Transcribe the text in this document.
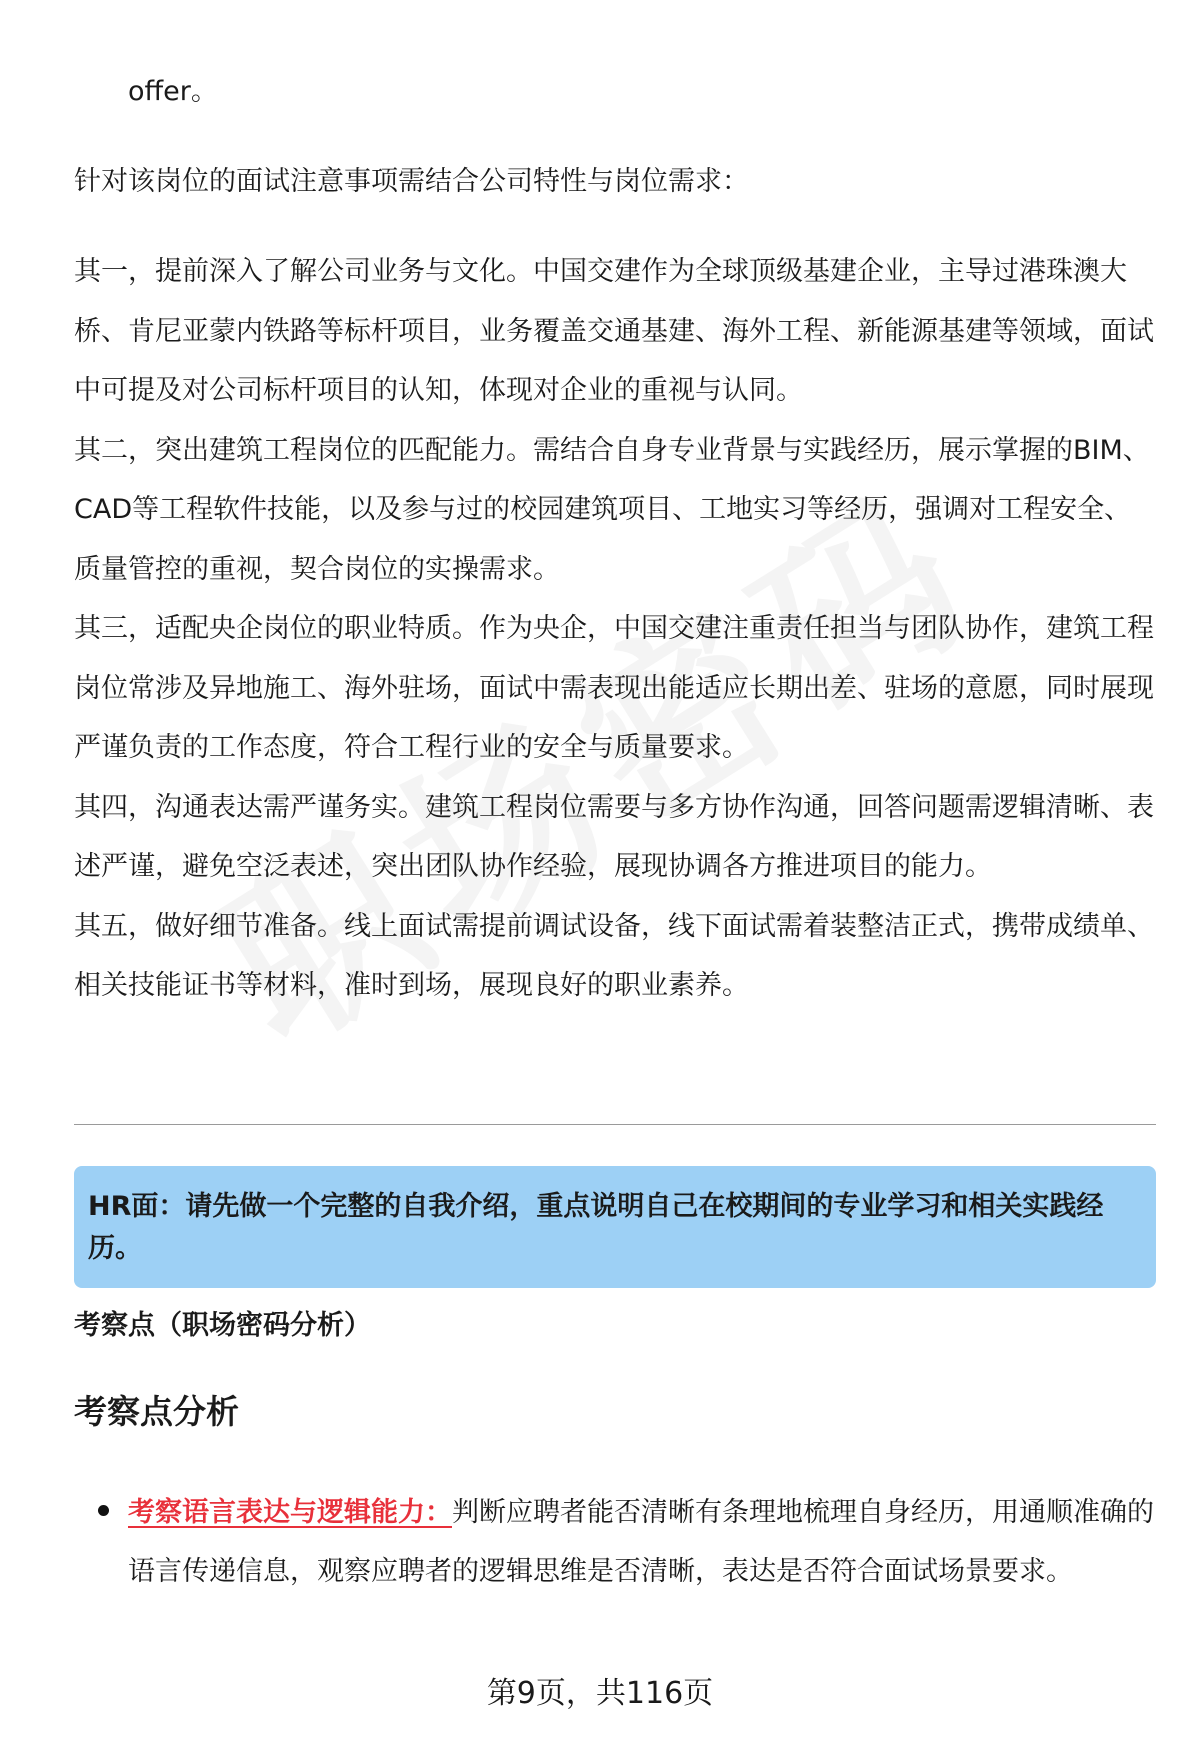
offer。

针对该岗位的面试注意事项需结合公司特性与岗位需求：

其一，提前深入了解公司业务与文化。中国交建作为全球顶级基建企业，主导过港珠澳大桥、肯尼亚蒙内铁路等标杆项目，业务覆盖交通基建、海外工程、新能源基建等领域，面试中可提及对公司标杆项目的认知，体现对企业的重视与认同。

其二，突出建筑工程岗位的匹配能力。需结合自身专业背景与实践经历，展示掌握的BIM、CAD等工程软件技能，以及参与过的校园建筑项目、工地实习等经历，强调对工程安全、质量管控的重视，契合岗位的实操需求。

其三，适配央企岗位的职业特质。作为央企，中国交建注重责任担当与团队协作，建筑工程岗位常涉及异地施工、海外驻场，面试中需表现出能适应长期出差、驻场的意愿，同时展现严谨负责的工作态度，符合工程行业的安全与质量要求。

其四，沟通表达需严谨务实。建筑工程岗位需要与多方协作沟通，回答问题需逻辑清晰、表述严谨，避免空泛表述，突出团队协作经验，展现协调各方推进项目的能力。

其五，做好细节准备。线上面试需提前调试设备，线下面试需着装整洁正式，携带成绩单、相关技能证书等材料，准时到场，展现良好的职业素养。

HR面：请先做一个完整的自我介绍，重点说明自己在校期间的专业学习和相关实践经历。
考察点（职场密码分析）
考察点分析
考察语言表达与逻辑能力：判断应聘者能否清晰有条理地梳理自身经历，用通顺准确的语言传递信息，观察应聘者的逻辑思维是否清晰，表达是否符合面试场景要求。
第9页，共116页
